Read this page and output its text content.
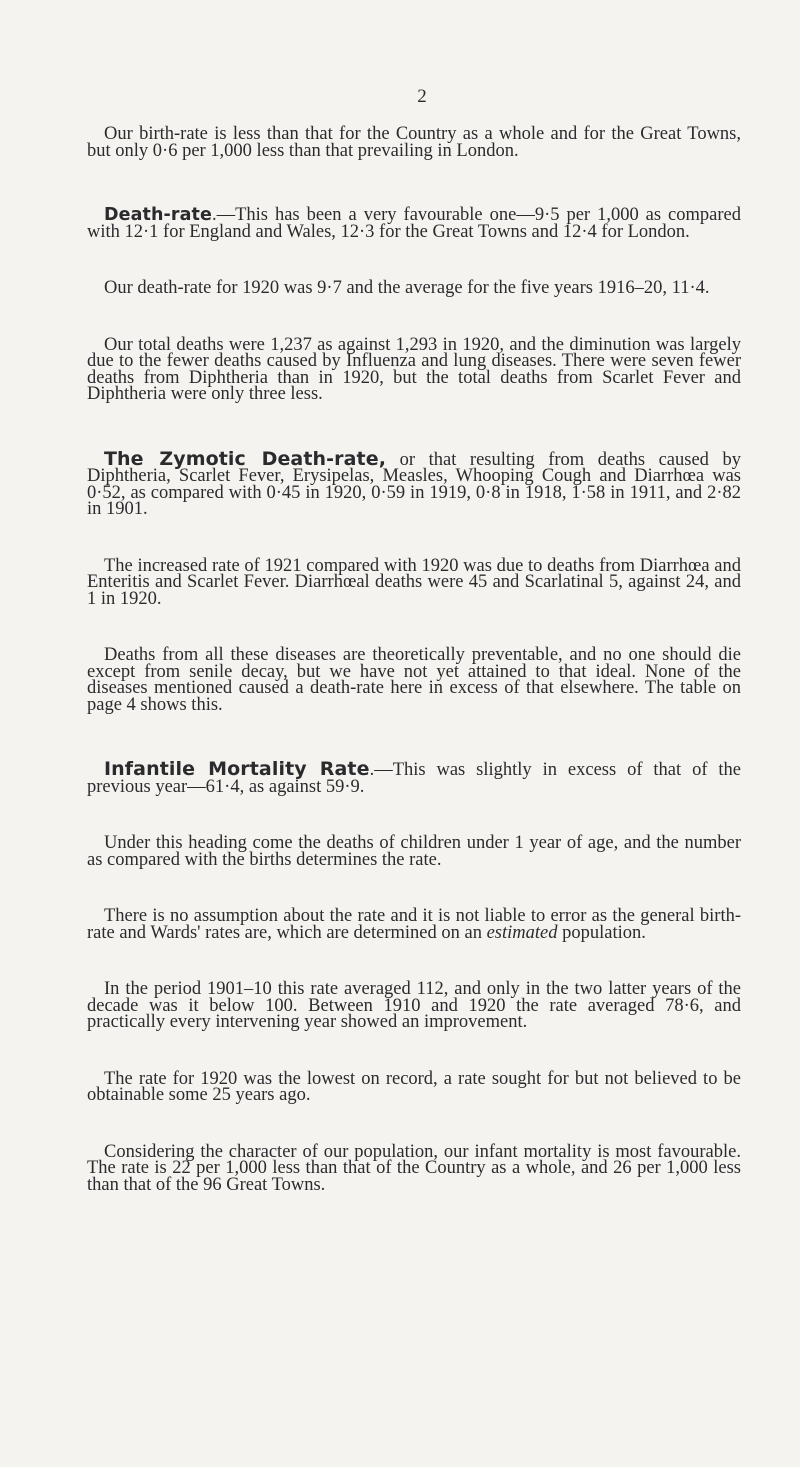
2

Our birth-rate is less than that for the Country as a whole and for the Great Towns, but only 0·6 per 1,000 less than that prevailing in London.

Death-rate.—This has been a very favourable one—9·5 per 1,000 as compared with 12·1 for England and Wales, 12·3 for the Great Towns and 12·4 for London.

Our death-rate for 1920 was 9·7 and the average for the five years 1916–20, 11·4.

Our total deaths were 1,237 as against 1,293 in 1920, and the diminution was largely due to the fewer deaths caused by Influenza and lung diseases. There were seven fewer deaths from Diphtheria than in 1920, but the total deaths from Scarlet Fever and Diphtheria were only three less.

The Zymotic Death-rate, or that resulting from deaths caused by Diphtheria, Scarlet Fever, Erysipelas, Measles, Whooping Cough and Diarrhœa was 0·52, as compared with 0·45 in 1920, 0·59 in 1919, 0·8 in 1918, 1·58 in 1911, and 2·82 in 1901.

The increased rate of 1921 compared with 1920 was due to deaths from Diarrhœa and Enteritis and Scarlet Fever. Diarrhœal deaths were 45 and Scarlatinal 5, against 24, and 1 in 1920.

Deaths from all these diseases are theoretically preventable, and no one should die except from senile decay, but we have not yet attained to that ideal. None of the diseases mentioned caused a death-rate here in excess of that elsewhere. The table on page 4 shows this.

Infantile Mortality Rate.—This was slightly in excess of that of the previous year—61·4, as against 59·9.

Under this heading come the deaths of children under 1 year of age, and the number as compared with the births determines the rate.

There is no assumption about the rate and it is not liable to error as the general birth-rate and Wards' rates are, which are determined on an estimated population.

In the period 1901–10 this rate averaged 112, and only in the two latter years of the decade was it below 100. Between 1910 and 1920 the rate averaged 78·6, and practically every intervening year showed an improvement.

The rate for 1920 was the lowest on record, a rate sought for but not believed to be obtainable some 25 years ago.

Considering the character of our population, our infant mortality is most favourable. The rate is 22 per 1,000 less than that of the Country as a whole, and 26 per 1,000 less than that of the 96 Great Towns.
